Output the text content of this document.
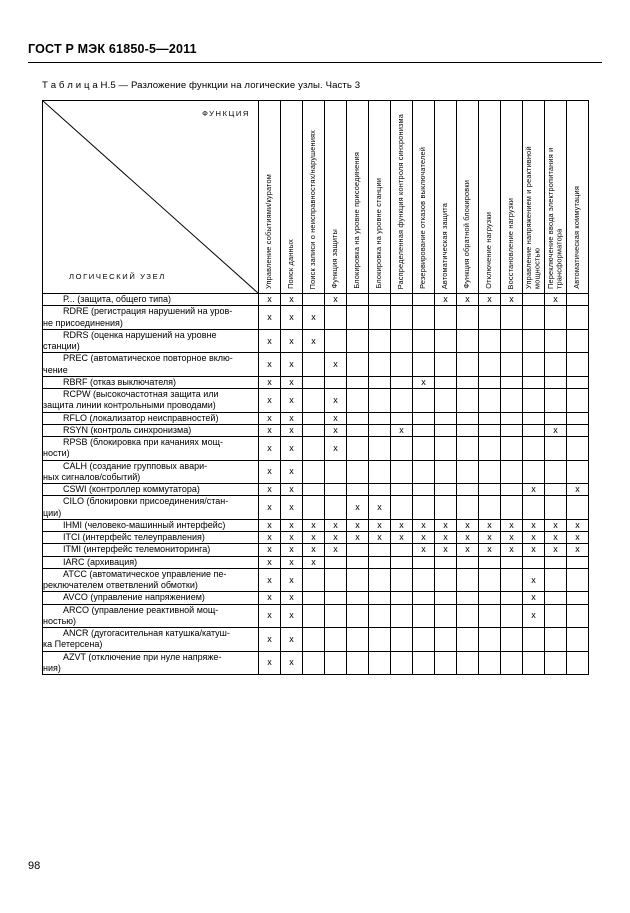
ГОСТ Р МЭК 61850-5—2011
Т а б л и ц а Н.5 — Разложение функции на логические узлы. Часть 3
ФУНКЦИЯ
ЛОГИЧЕСКИЙ УЗЕЛ	Управление событиями/куратом	Поиск данных	Поиск записи о неисправностях/нарушениях	Функция защиты	Блокировка на уровне присоединения	Блокировка на уровне станции	Распределенная функция контроля синхронизма	Резервирование отказов выключателей	Автоматическая защита	Функция обратной блокировки	Отключение нагрузки	Восстановление нагрузки	Управление напряжением и реактивной мощностью	Переключение ввода электропитания и трансформатора	Автоматическая коммутация

Р... (защита, общего типа)	х	х		х					х	х	х	х		х	
RDRE (регистрация нарушений на уров-
не присоединения)	х	х	х												
RDRS (оценка нарушений на уровне
станции)	х	х	х												
PREC (автоматическое повторное вклю-
чение	х	х		х											
RBRF (отказ выключателя)	х	х						х							
RCPW (высокочастотная защита или
защита линии контрольными проводами)	х	х		х											
RFLO (локализатор неисправностей)	х	х		х											
RSYN (контроль синхронизма)	х	х		х			х							х	
RPSB (блокировка при качаниях мощ-
ности)	х	х		х											
CALH (создание групповых авари-
ных сигналов/событий)	х	х													
CSWI (контроллер коммутатора)	х	х											х		х
CILO (блокировки присоединения/стан-
ции)	х	х			х	х									
IHMI (человеко-машинный интерфейс)	х	х	х	х	х	х	х	х	х	х	х	х	х	х	х
ITCI (интерфейс телеуправления)	х	х	х	х	х	х	х	х	х	х	х	х	х	х	х
ITMI (интерфейс телемониторинга)	х	х	х	х				х	х	х	х	х	х	х	х
IARC (архивация)	х	х	х												
ATCC (автоматическое управление пе-
реключателем ответвлений обмотки)	х	х											х		
AVCO (управление напряжением)	х	х											х		
ARCO (управление реактивной мощ-
ностью)	х	х											х		
ANCR (дугогасительная катушка/катуш-
ка Петерсена)	х	х													
AZVT (отключение при нуле напряже-
ния)	х	х													
98
